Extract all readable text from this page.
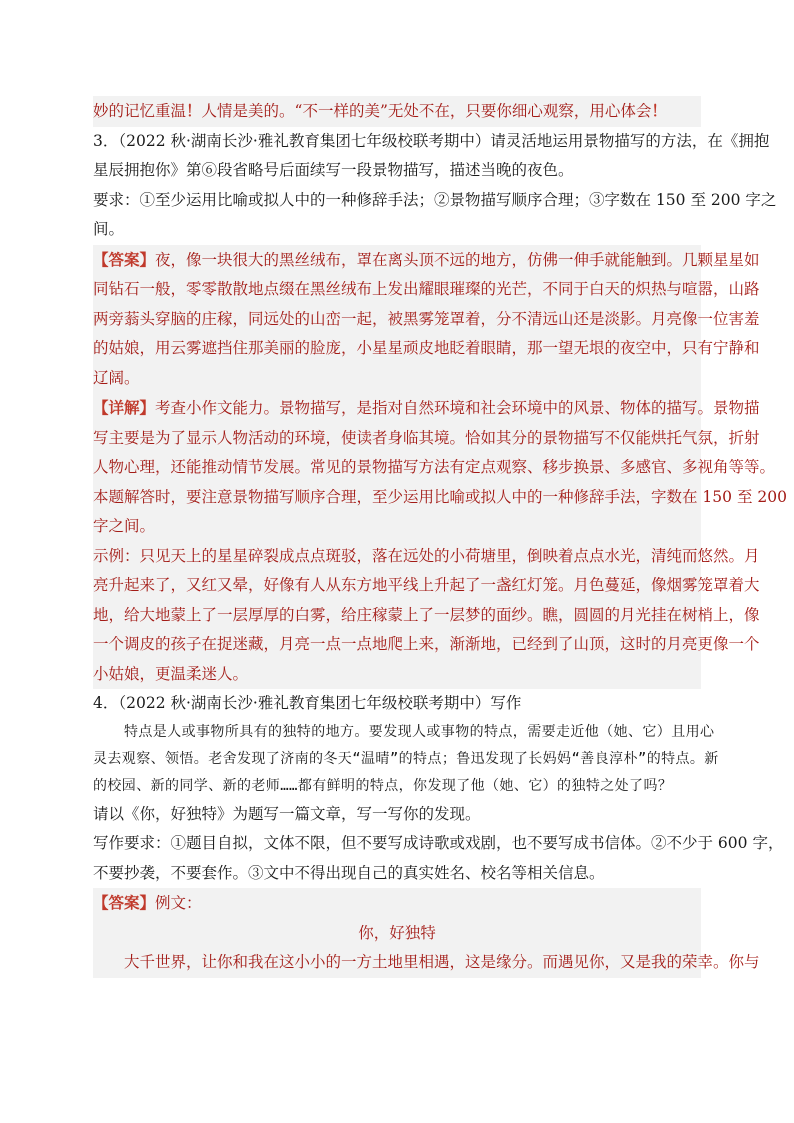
妙的记忆重温！人情是美的。“不一样的美”无处不在，只要你细心观察，用心体会！
3．（2022 秋·湖南长沙·雅礼教育集团七年级校联考期中）请灵活地运用景物描写的方法，在《拥抱
星辰拥抱你》第⑥段省略号后面续写一段景物描写，描述当晚的夜色。
要求：①至少运用比喻或拟人中的一种修辞手法；②景物描写顺序合理；③字数在 150 至 200 字之
间。
【答案】夜，像一块很大的黑丝绒布，罩在离头顶不远的地方，仿佛一伸手就能触到。几颗星星如
同钻石一般，零零散散地点缀在黑丝绒布上发出耀眼璀璨的光芒，不同于白天的炽热与喧嚣，山路
两旁蓊头穿脑的庄稼，同远处的山峦一起，被黑雾笼罩着，分不清远山还是淡影。月亮像一位害羞
的姑娘，用云雾遮挡住那美丽的脸庞，小星星顽皮地眨着眼睛，那一望无垠的夜空中，只有宁静和
辽阔。
【详解】考查小作文能力。景物描写，是指对自然环境和社会环境中的风景、物体的描写。景物描
写主要是为了显示人物活动的环境，使读者身临其境。恰如其分的景物描写不仅能烘托气氛，折射
人物心理，还能推动情节发展。常见的景物描写方法有定点观察、移步换景、多感官、多视角等等。
本题解答时，要注意景物描写顺序合理，至少运用比喻或拟人中的一种修辞手法，字数在 150 至 200
字之间。
示例：只见天上的星星碎裂成点点斑驳，落在远处的小荷塘里，倒映着点点水光，清纯而悠然。月
亮升起来了，又红又晕，好像有人从东方地平线上升起了一盏红灯笼。月色蔓延，像烟雾笼罩着大
地，给大地蒙上了一层厚厚的白雾，给庄稼蒙上了一层梦的面纱。瞧，圆圆的月光挂在树梢上，像
一个调皮的孩子在捉迷藏，月亮一点一点地爬上来，渐渐地，已经到了山顶，这时的月亮更像一个
小姑娘，更温柔迷人。
4．（2022 秋·湖南长沙·雅礼教育集团七年级校联考期中）写作
特点是人或事物所具有的独特的地方。要发现人或事物的特点，需要走近他（她、它）且用心
灵去观察、领悟。老舍发现了济南的冬天“温晴”的特点；鲁迅发现了长妈妈“善良淳朴”的特点。新
的校园、新的同学、新的老师……都有鲜明的特点，你发现了他（她、它）的独特之处了吗？
请以《你，好独特》为题写一篇文章，写一写你的发现。
写作要求：①题目自拟，文体不限，但不要写成诗歌或戏剧，也不要写成书信体。②不少于 600 字，
不要抄袭，不要套作。③文中不得出现自己的真实姓名、校名等相关信息。
【答案】例文：
你，好独特
大千世界，让你和我在这小小的一方土地里相遇，这是缘分。而遇见你，又是我的荣幸。你与
